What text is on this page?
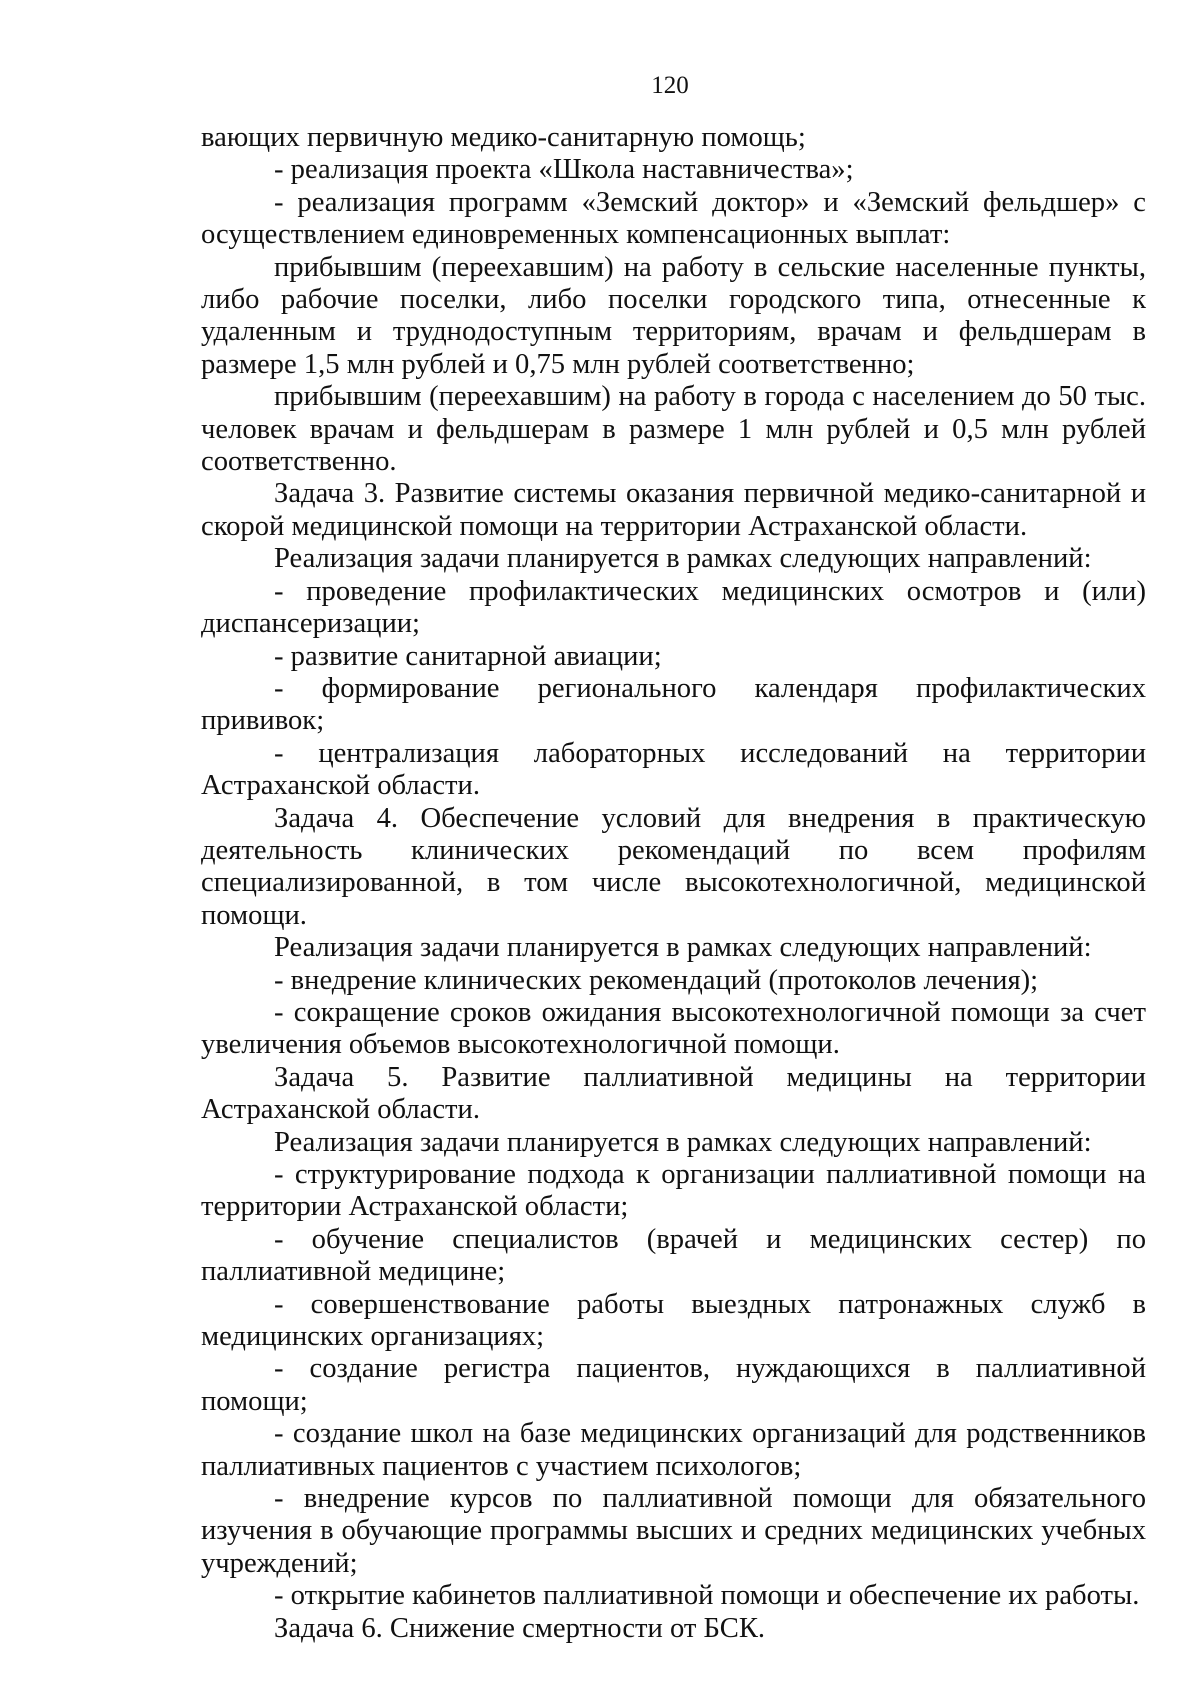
120

вающих первичную медико-санитарную помощь;

- реализация проекта «Школа наставничества»;

- реализация программ «Земский доктор» и «Земский фельдшер» с осуществлением единовременных компенсационных выплат:

прибывшим (переехавшим) на работу в сельские населенные пункты, либо рабочие поселки, либо поселки городского типа, отнесенные к удаленным и труднодоступным территориям, врачам и фельдшерам в размере 1,5 млн рублей и 0,75 млн рублей соответственно;

прибывшим (переехавшим) на работу в города с населением до 50 тыс. человек врачам и фельдшерам в размере 1 млн рублей и 0,5 млн рублей соответственно.

Задача 3. Развитие системы оказания первичной медико-санитарной и скорой медицинской помощи на территории Астраханской области.

Реализация задачи планируется в рамках следующих направлений:

- проведение профилактических медицинских осмотров и (или) диспансеризации;

- развитие санитарной авиации;

- формирование регионального календаря профилактических прививок;

- централизация лабораторных исследований на территории Астраханской области.

Задача 4. Обеспечение условий для внедрения в практическую деятельность клинических рекомендаций по всем профилям специализированной, в том числе высокотехнологичной, медицинской помощи.

Реализация задачи планируется в рамках следующих направлений:

- внедрение клинических рекомендаций (протоколов лечения);

- сокращение сроков ожидания высокотехнологичной помощи за счет увеличения объемов высокотехнологичной помощи.

Задача 5. Развитие паллиативной медицины на территории Астраханской области.

Реализация задачи планируется в рамках следующих направлений:

- структурирование подхода к организации паллиативной помощи на территории Астраханской области;

- обучение специалистов (врачей и медицинских сестер) по паллиативной медицине;

- совершенствование работы выездных патронажных служб в медицинских организациях;

- создание регистра пациентов, нуждающихся в паллиативной помощи;

- создание школ на базе медицинских организаций для родственников паллиативных пациентов с участием психологов;

- внедрение курсов по паллиативной помощи для обязательного изучения в обучающие программы высших и средних медицинских учебных учреждений;

- открытие кабинетов паллиативной помощи и обеспечение их работы.

Задача 6. Снижение смертности от БСК.
